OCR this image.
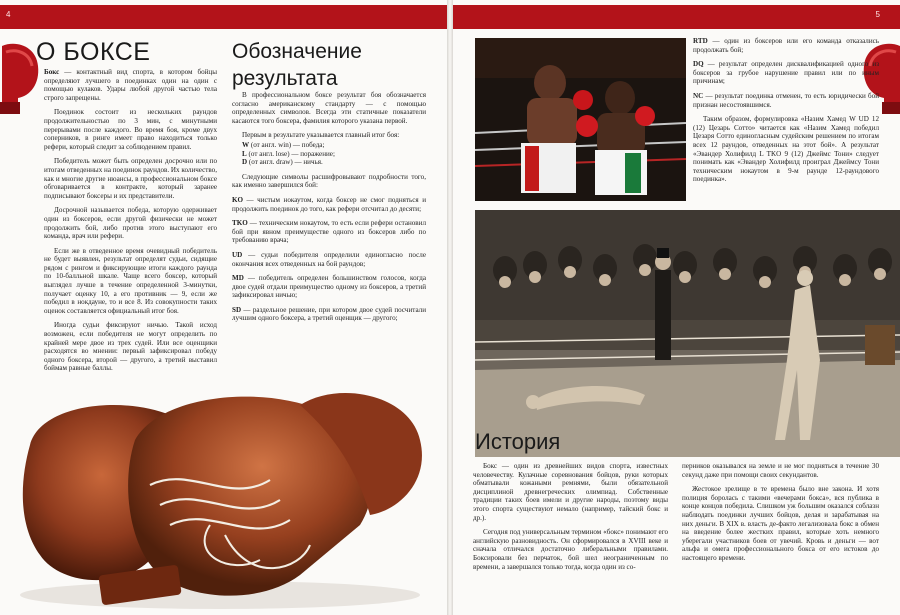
4
О БОКСЕ

Бокс — контактный вид спорта, в котором бойцы определяют лучшего в поединках один на один с помощью кулаков. Удары любой другой частью тела строго запрещены.

Поединок состоит из нескольких раундов продолжительностью по 3 мин, с минутными перерывами после каждого. Во время боя, кроме двух соперников, в ринге имеет право находиться только рефери, который следит за соблюдением правил.

Победитель может быть определен досрочно или по итогам отведенных на поединок раундов. Их количество, как и многие другие нюансы, в профессиональном боксе обговаривается в контракте, который заранее подписывают боксеры и их представители.

Досрочной называется победа, которую одерживает один из боксеров, если другой физически не может продолжить бой, либо против этого выступают его команда, врач или рефери.

Если же в отведенное время очевидный победитель не будет выявлен, результат определят судьи, сидящие рядом с рингом и фиксирующие итоги каждого раунда по 10-балльной шкале. Чаще всего боксер, который выглядел лучше в течение определенной 3-минутки, получает оценку 10, а его противник — 9, если же победил в нокдауне, то и все 8. Из совокупности таких оценок составляется официальный итог боя.

Иногда судьи фиксируют ничью. Такой исход возможен, если победителя не могут определить по крайней мере двое из трех судей. Или все оценщики расходятся во мнении: первый зафиксировал победу одного боксера, второй — другого, а третий выставил боймам равные баллы.

Обозначение результата

В профессиональном боксе результат боя обозначается согласно американскому стандарту — с помощью определенных символов. Всегда эти статичные показатели касаются того боксера, фамилия которого указана первой.

Первым в результате указывается главный итог боя:

W (от англ. win) — победа;

L (от англ. lose) — поражение;

D (от англ. draw) — ничья.

Следующие символы расшифровывают подробности того, как именно завершился бой:

KO — чистым нокаутом, когда боксер не смог подняться и продолжить поединок до того, как рефери отсчитал до десяти;

TKO — техническим нокаутом, то есть если рефери остановил бой при явном преимуществе одного из боксеров либо по требованию врача;

UD — судьи победителя определили единогласно после окончания всех отведенных на бой раундов;

MD — победитель определен большинством голосов, когда двое судей отдали преимущество одному из боксеров, а третий зафиксировал ничью;

SD — раздельное решение, при котором двое судей посчитали лучшим одного боксера, а третий оценщик — другого;

5

RTD — один из боксеров или его команда отказались продолжать бой;

DQ — результат определен дисквалификацией одного из боксеров за грубое нарушение правил или по иным причинам;

NC — результат поединка отменен, то есть юридически бой признан несостоявшимся.

Таким образом, формулировка «Назим Хамед W UD 12 (12) Цезарь Сотто» читается как «Назим Хамед победил Цезаря Сотто единогласным судейским решением по итогам всех 12 раундов, отведенных на этот бой». А результат «Эвандер Холифилд L TKO 9 (12) Джеймс Тони» следует понимать как «Эвандер Холифилд проиграл Джеймсу Тони техническим нокаутом в 9-м раунде 12-раундового поединка».

История

Бокс — один из древнейших видов спорта, известных человечеству. Кулачные соревнования бойцов, руки которых обматывали кожаными ремнями, были обязательной дисциплиной древнегреческих олимпиад. Собственные традиции таких боев имели и другие народы, поэтому виды этого спорта существуют немало (например, тайский бокс и др.).

Сегодня под универсальным термином «бокс» понимают его английскую разновидность. Он сформировался в XVIII веке и сначала отличался достаточно либеральными правилами. Боксировали без перчаток, бой шел неограниченным по времени, а завершался только тогда, когда один из со-

перников оказывался на земле и не мог подняться в течение 30 секунд даже при помощи своих секундантов.

Жестокое зрелище в те времена было вне закона. И хотя полиция боролась с такими «вечерами бокса», вся публика в конце концов победила. Слишком уж большим оказался соблазн наблюдать поединки лучших бойцов, делая и зарабатывая на них деньги. В XIX в. власть де-факто легализовала бокс в обмен на введение более жестких правил, которые хоть немного уберегали участников боев от увечий. Кровь и деньги — вот альфа и омега профессионального бокса от его истоков до настоящего времени.
